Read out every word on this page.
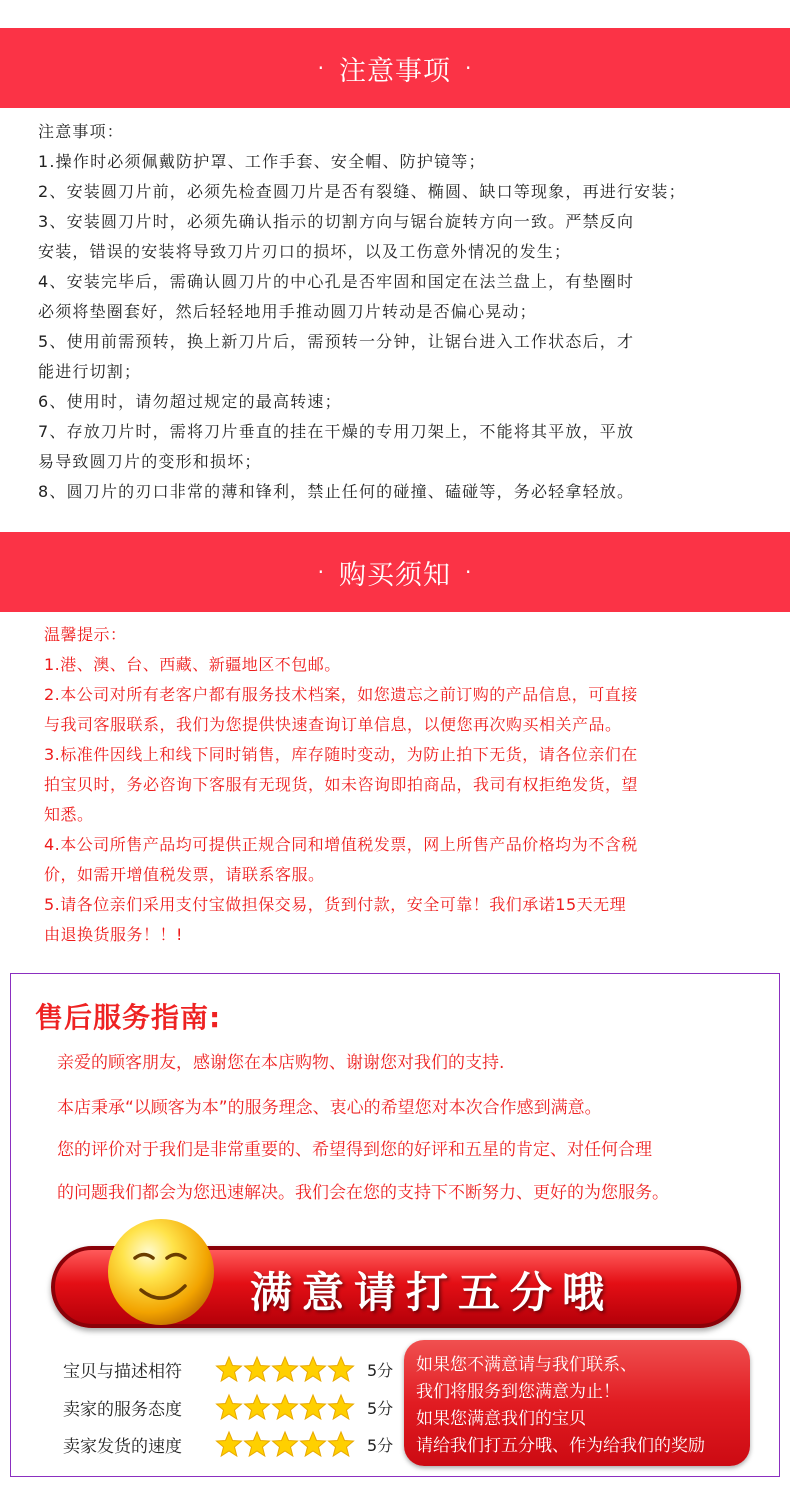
· 注意事项 ·
注意事项：
1.操作时必须佩戴防护罩、工作手套、安全帽、防护镜等；
2、安装圆刀片前，必须先检查圆刀片是否有裂缝、椭圆、缺口等现象，再进行安装；
3、安装圆刀片时，必须先确认指示的切割方向与锯台旋转方向一致。严禁反向
安装，错误的安装将导致刀片刃口的损坏，以及工伤意外情况的发生；
4、安装完毕后，需确认圆刀片的中心孔是否牢固和国定在法兰盘上，有垫圈时
必须将垫圈套好，然后轻轻地用手推动圆刀片转动是否偏心晃动；
5、使用前需预转，换上新刀片后，需预转一分钟，让锯台进入工作状态后，才
能进行切割；
6、使用时，请勿超过规定的最高转速；
7、存放刀片时，需将刀片垂直的挂在干燥的专用刀架上，不能将其平放，平放
易导致圆刀片的变形和损坏；
8、圆刀片的刃口非常的薄和锋利，禁止任何的碰撞、磕碰等，务必轻拿轻放。
· 购买须知 ·
温馨提示：
1.港、澳、台、西藏、新疆地区不包邮。
2.本公司对所有老客户都有服务技术档案，如您遗忘之前订购的产品信息，可直接
与我司客服联系，我们为您提供快速查询订单信息，以便您再次购买相关产品。
3.标准件因线上和线下同时销售，库存随时变动，为防止拍下无货，请各位亲们在
拍宝贝时，务必咨询下客服有无现货，如未咨询即拍商品，我司有权拒绝发货，望
知悉。
4.本公司所售产品均可提供正规合同和增值税发票，网上所售产品价格均为不含税
价，如需开增值税发票，请联系客服。
5.请各位亲们采用支付宝做担保交易，货到付款，安全可靠！我们承诺15天无理
由退换货服务！！!
售后服务指南:
亲爱的顾客朋友，感谢您在本店购物、谢谢您对我们的支持.
本店秉承“以顾客为本”的服务理念、衷心的希望您对本次合作感到满意。
您的评价对于我们是非常重要的、希望得到您的好评和五星的肯定、对任何合理
的问题我们都会为您迅速解决。我们会在您的支持下不断努力、更好的为您服务。
满意请打五分哦
宝贝与描述相符	5分
卖家的服务态度	5分
卖家发货的速度	5分
如果您不满意请与我们联系、
我们将服务到您满意为止！
如果您满意我们的宝贝
请给我们打五分哦、作为给我们的奖励
